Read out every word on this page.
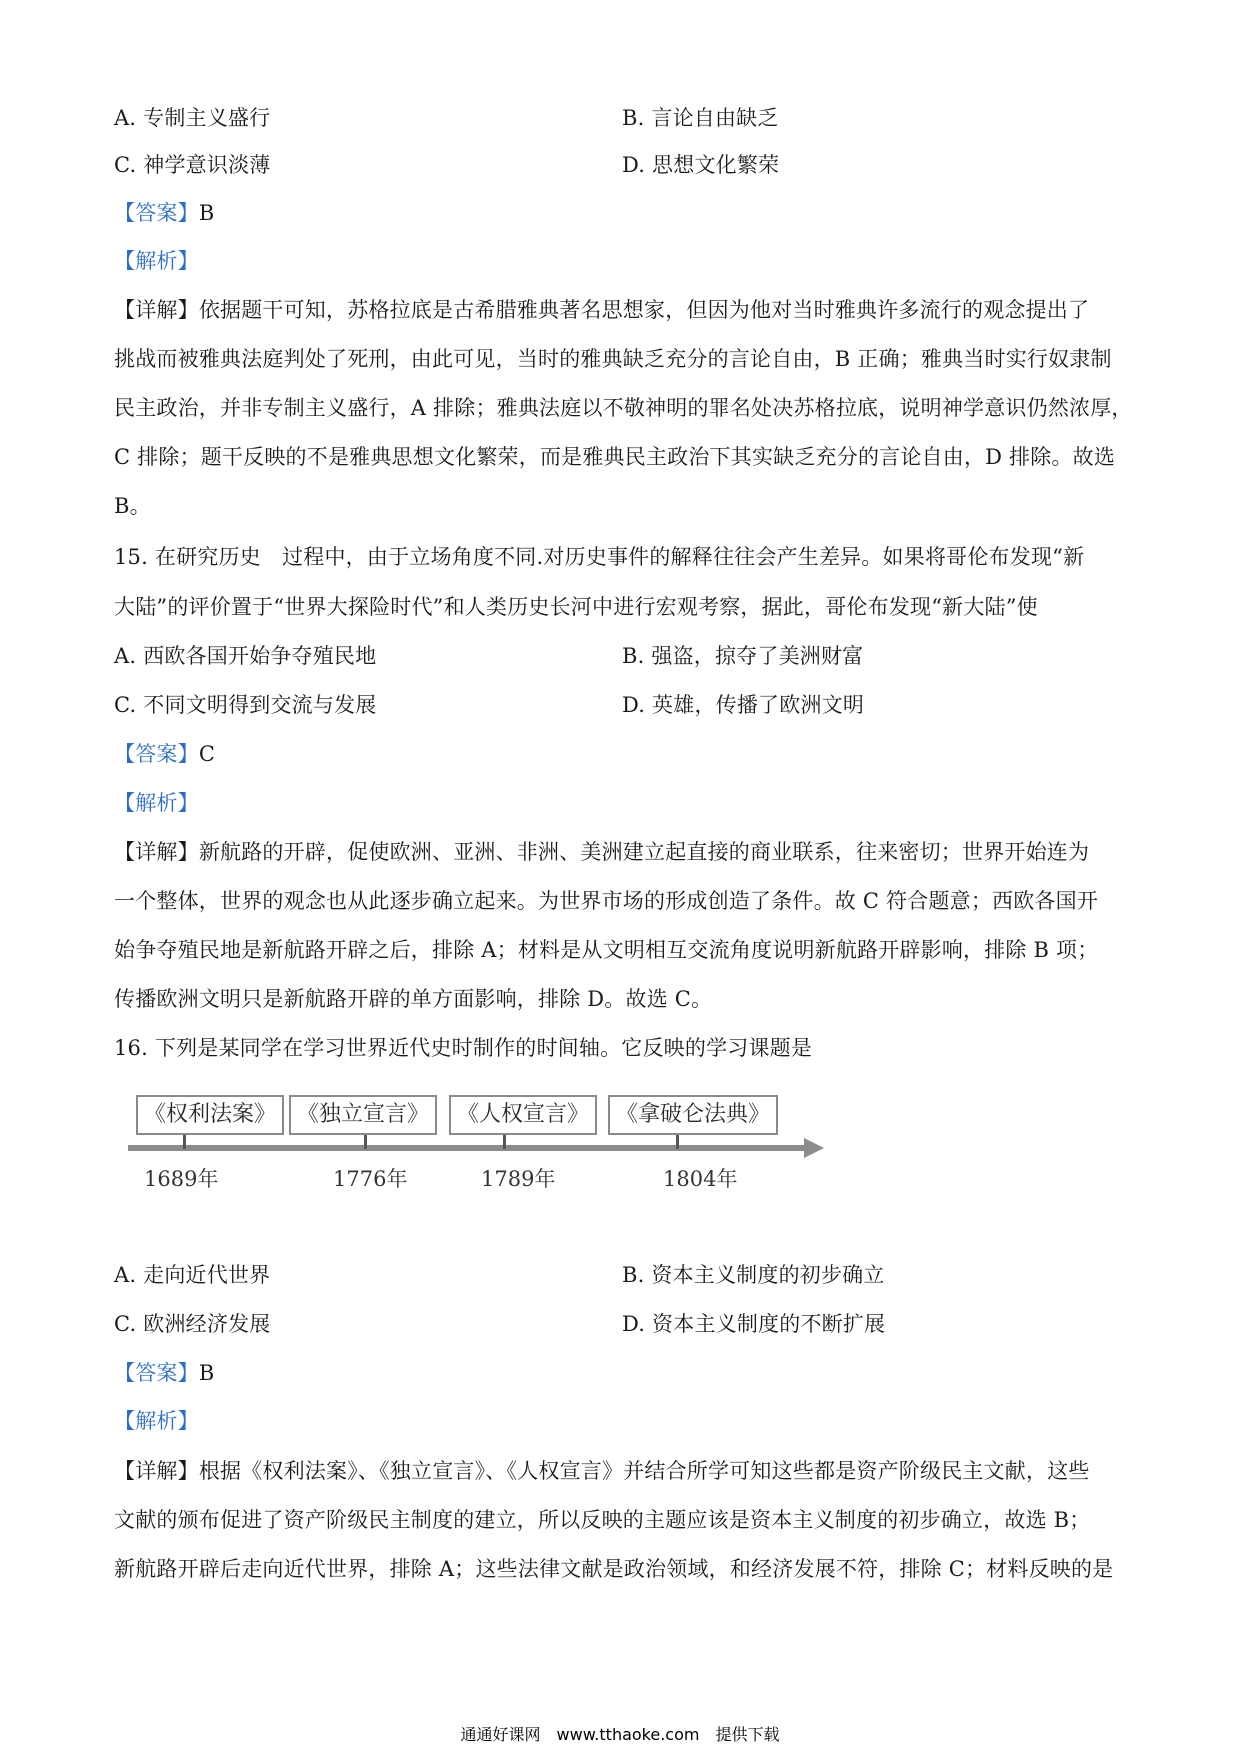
A. 专制主义盛行	B. 言论自由缺乏
C. 神学意识淡薄	D. 思想文化繁荣
【答案】B
【解析】
【详解】依据题干可知，苏格拉底是古希腊雅典著名思想家，但因为他对当时雅典许多流行的观念提出了
挑战而被雅典法庭判处了死刑，由此可见，当时的雅典缺乏充分的言论自由，B 正确；雅典当时实行奴隶制
民主政治，并非专制主义盛行，A 排除；雅典法庭以不敬神明的罪名处决苏格拉底，说明神学意识仍然浓厚，
C 排除；题干反映的不是雅典思想文化繁荣，而是雅典民主政治下其实缺乏充分的言论自由，D 排除。故选
B。
15. 在研究历史　过程中，由于立场角度不同.对历史事件的解释往往会产生差异。如果将哥伦布发现“新
大陆”的评价置于“世界大探险时代”和人类历史长河中进行宏观考察，据此，哥伦布发现“新大陆”使
A. 西欧各国开始争夺殖民地	B. 强盗，掠夺了美洲财富
C. 不同文明得到交流与发展	D. 英雄，传播了欧洲文明
【答案】C
【解析】
【详解】新航路的开辟，促使欧洲、亚洲、非洲、美洲建立起直接的商业联系，往来密切；世界开始连为
一个整体，世界的观念也从此逐步确立起来。为世界市场的形成创造了条件。故 C 符合题意；西欧各国开
始争夺殖民地是新航路开辟之后，排除 A；材料是从文明相互交流角度说明新航路开辟影响，排除 B 项；
传播欧洲文明只是新航路开辟的单方面影响，排除 D。故选 C。
16. 下列是某同学在学习世界近代史时制作的时间轴。它反映的学习课题是
《权利法案》 《独立宣言》	《人权宣言》	《拿破仑法典》
1689年	1776年	1789年	1804年
A. 走向近代世界	B. 资本主义制度的初步确立
C. 欧洲经济发展	D. 资本主义制度的不断扩展
【答案】B
【解析】
【详解】根据《权利法案》、《独立宣言》、《人权宣言》并结合所学可知这些都是资产阶级民主文献，这些
文献的颁布促进了资产阶级民主制度的建立，所以反映的主题应该是资本主义制度的初步确立，故选 B；
新航路开辟后走向近代世界，排除 A；这些法律文献是政治领域，和经济发展不符，排除 C；材料反映的是
通通好课网　www.tthaoke.com　提供下载
